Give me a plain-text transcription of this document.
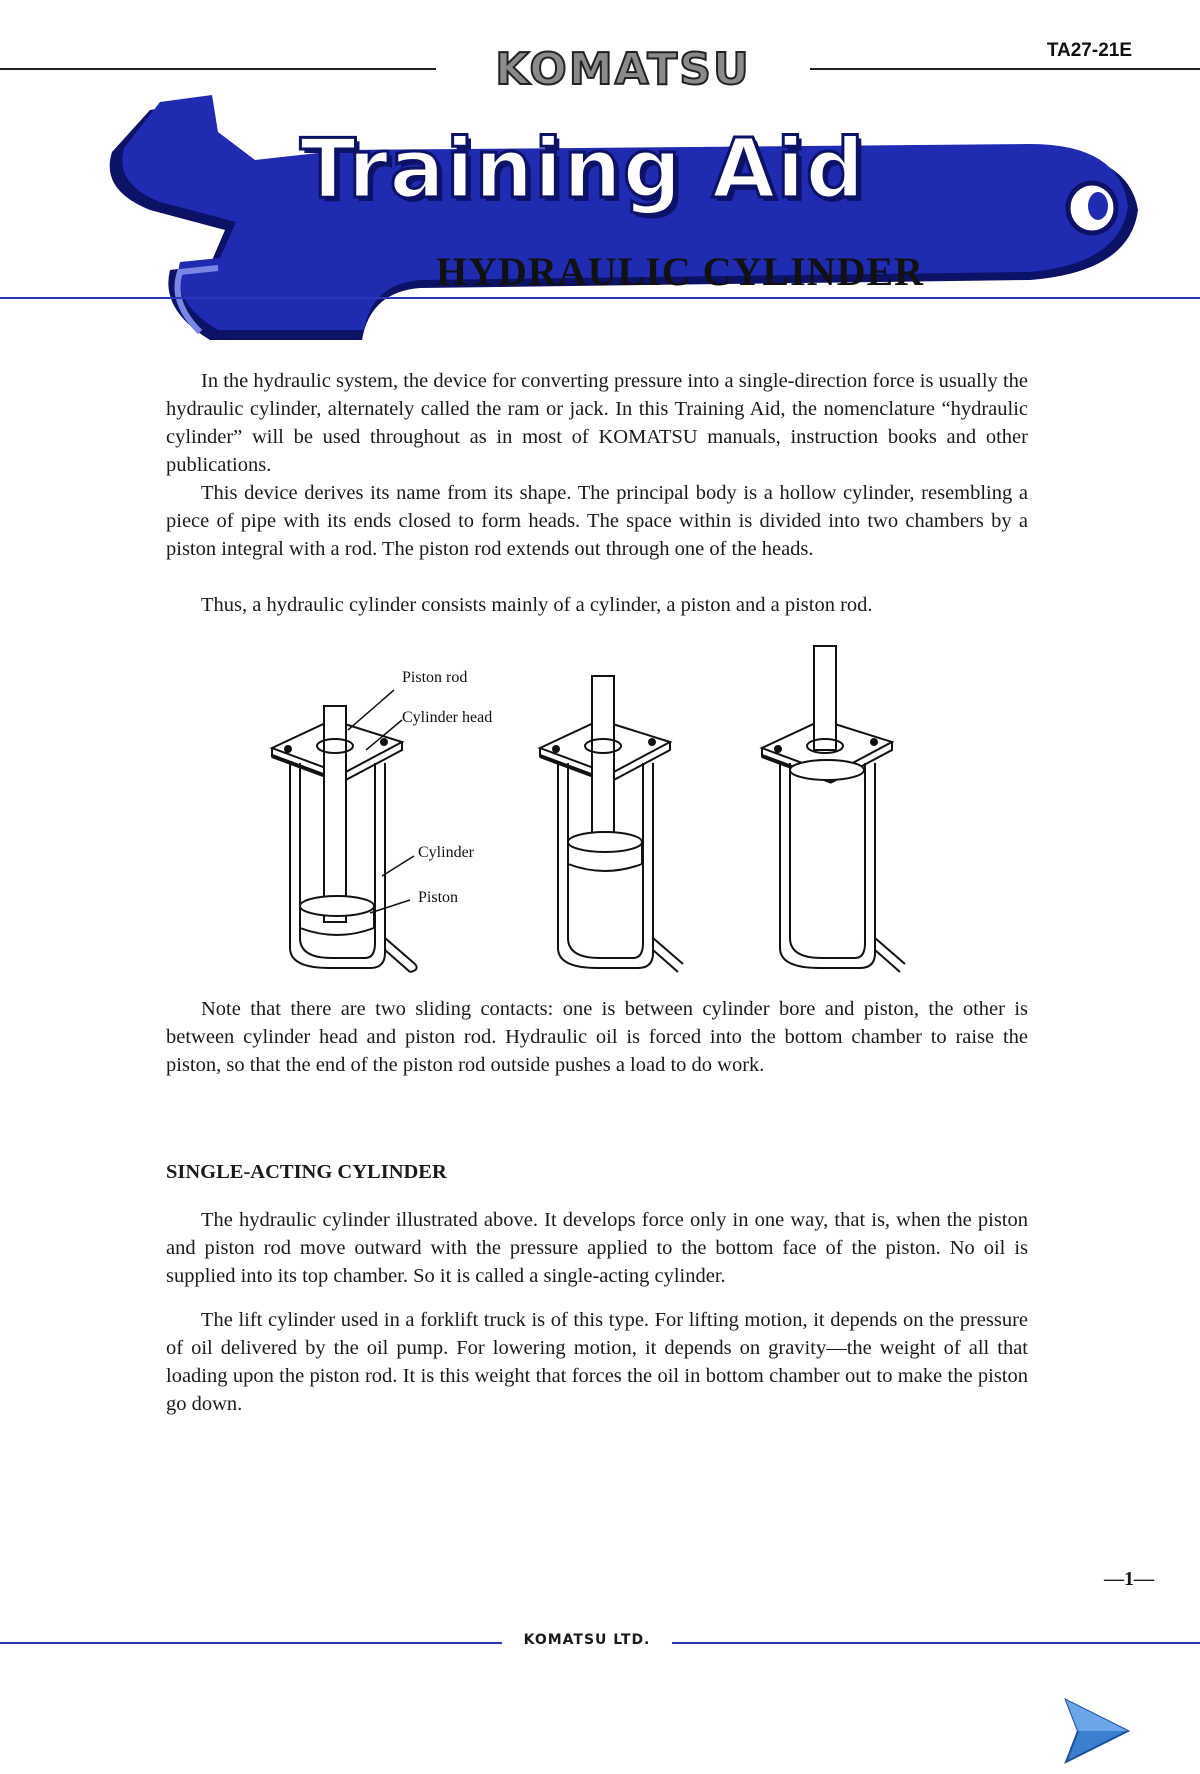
TA27-21E
KOMATSU
Training Aid
HYDRAULIC CYLINDER

In the hydraulic system, the device for converting pressure into a single-direction force is usually the hydraulic cylinder, alternately called the ram or jack. In this Training Aid, the nomenclature “hydraulic cylinder” will be used throughout as in most of KOMATSU manuals, instruction books and other publications.

This device derives its name from its shape. The principal body is a hollow cylinder, resembling a piece of pipe with its ends closed to form heads. The space within is divided into two chambers by a piston integral with a rod. The piston rod extends out through one of the heads.

Thus, a hydraulic cylinder consists mainly of a cylinder, a piston and a piston rod.

Piston rod
Cylinder head
Cylinder
Piston

Note that there are two sliding contacts: one is between cylinder bore and piston, the other is between cylinder head and piston rod. Hydraulic oil is forced into the bottom chamber to raise the piston, so that the end of the piston rod outside pushes a load to do work.

SINGLE-ACTING CYLINDER

The hydraulic cylinder illustrated above. It develops force only in one way, that is, when the piston and piston rod move outward with the pressure applied to the bottom face of the piston. No oil is supplied into its top chamber. So it is called a single-acting cylinder.

The lift cylinder used in a forklift truck is of this type. For lifting motion, it depends on the pressure of oil delivered by the oil pump. For lowering motion, it depends on gravity—the weight of all that loading upon the piston rod. It is this weight that forces the oil in bottom chamber out to make the piston go down.

—1—
KOMATSU LTD.
